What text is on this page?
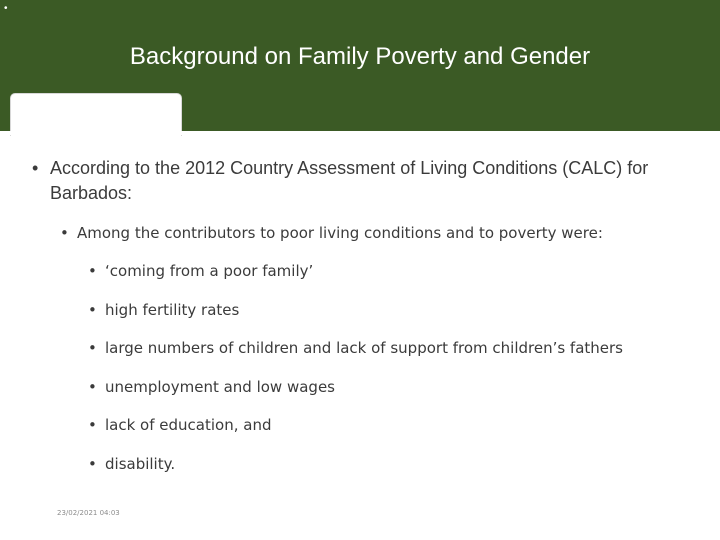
•
Background on Family Poverty and Gender
• According to the 2012 Country Assessment of Living Conditions (CALC) for Barbados:
• Among the contributors to poor living conditions and to poverty were:
• ‘coming from a poor family’
• high fertility rates
• large numbers of children and lack of support from children’s fathers
• unemployment and low wages
• lack of education, and
• disability.
23/02/2021 04:03
